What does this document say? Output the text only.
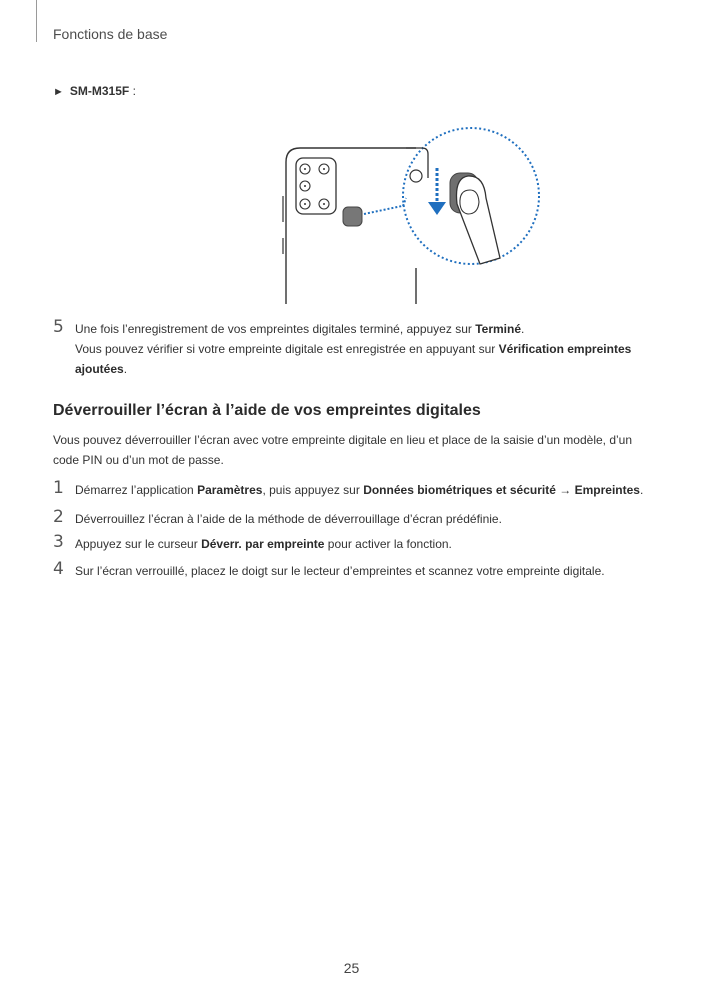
Fonctions de base
► SM-M315F :
5 Une fois l’enregistrement de vos empreintes digitales terminé, appuyez sur Terminé.
Vous pouvez vérifier si votre empreinte digitale est enregistrée en appuyant sur Vérification empreintes ajoutées.
Déverrouiller l’écran à l’aide de vos empreintes digitales
Vous pouvez déverrouiller l’écran avec votre empreinte digitale en lieu et place de la saisie d’un modèle, d’un code PIN ou d’un mot de passe.
1 Démarrez l’application Paramètres, puis appuyez sur Données biométriques et sécurité → Empreintes.
2 Déverrouillez l’écran à l’aide de la méthode de déverrouillage d’écran prédéfinie.
3 Appuyez sur le curseur Déverr. par empreinte pour activer la fonction.
4 Sur l’écran verrouillé, placez le doigt sur le lecteur d’empreintes et scannez votre empreinte digitale.
25
